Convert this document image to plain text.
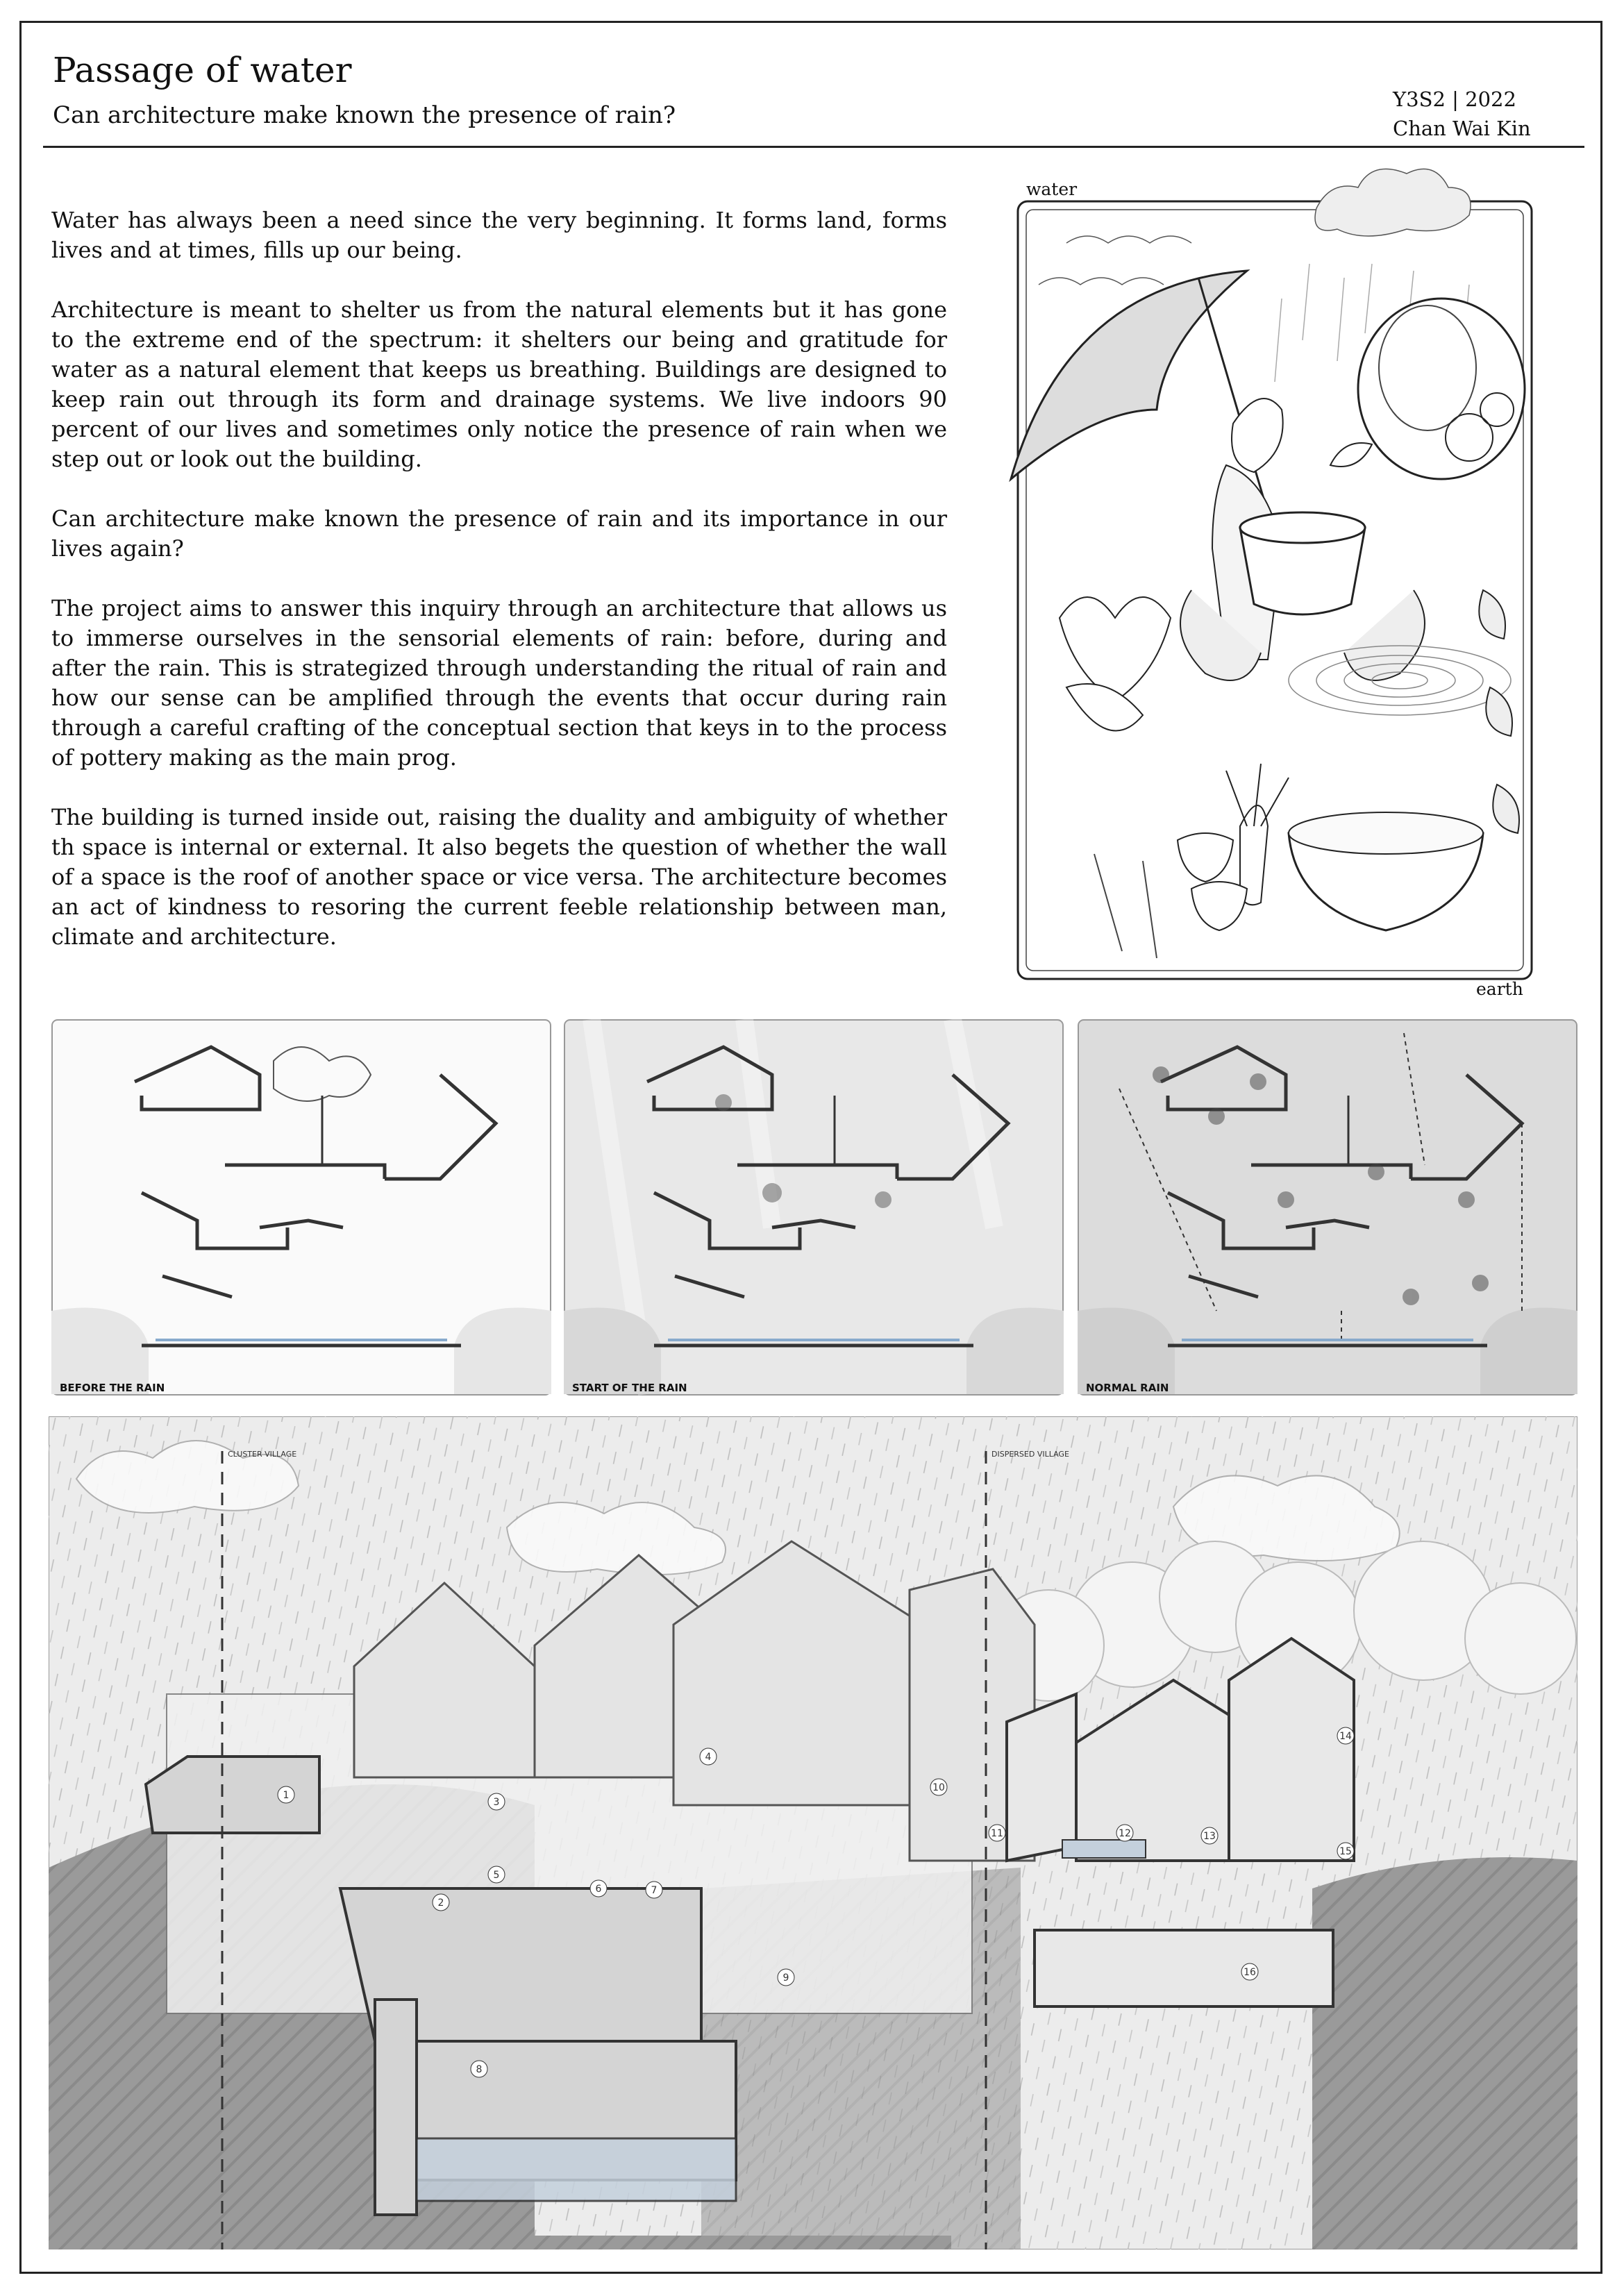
Passage of water
Can architecture make known the presence of rain?
Y3S2 | 2022
Chan Wai Kin

Water has always been a need since the very beginning. It forms land, forms lives and at times, fills up our being.

Architecture is meant to shelter us from the natural elements but it has gone to the extreme end of the spectrum: it shelters our being and gratitude for water as a natural element that keeps us breathing. Buildings are designed to keep rain out through its form and drainage systems. We live indoors 90 percent of our lives and sometimes only notice the presence of rain when we step out or look out the building.

Can architecture make known the presence of rain and its importance in our lives again?

The project aims to answer this inquiry through an architecture that allows us to immerse ourselves in the sensorial elements of rain: before, during and after the rain. This is strategized through understanding the ritual of rain and how our sense can be amplified through the events that occur during rain through a careful crafting of the conceptual section that keys in to the process of pottery making as the main prog.

The building is turned inside out, raising the duality and ambiguity of whether th space is internal or external. It also begets the question of whether the wall of a space is the roof of another space or vice versa. The architecture becomes an act of kindness to resoring the current feeble relationship between man, climate and architecture.

water
earth
BEFORE THE RAIN	START OF THE RAIN	NORMAL RAIN
CLUSTER VILLAGE	DISPERSED VILLAGE
1
2
3
4
5
6	7
8
9
10
11	12	13
14
15
16
